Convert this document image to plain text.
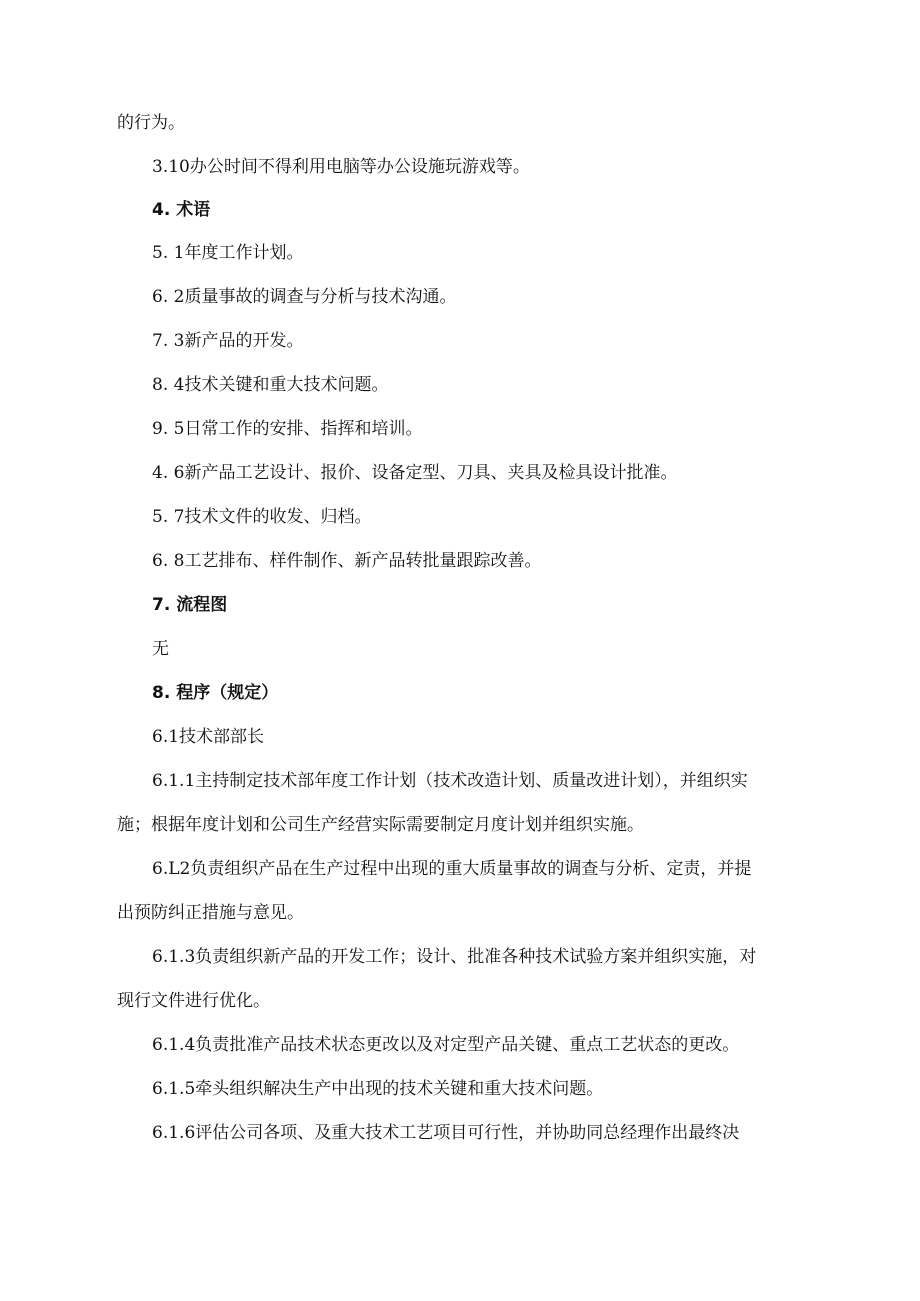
的行为。
3.10办公时间不得利用电脑等办公设施玩游戏等。
4. 术语
5. 1年度工作计划。
6. 2质量事故的调查与分析与技术沟通。
7. 3新产品的开发。
8. 4技术关键和重大技术问题。
9. 5日常工作的安排、指挥和培训。
4. 6新产品工艺设计、报价、设备定型、刀具、夹具及检具设计批准。
5. 7技术文件的收发、归档。
6. 8工艺排布、样件制作、新产品转批量跟踪改善。
7. 流程图
无
8. 程序（规定）
6.1技术部部长
6.1.1主持制定技术部年度工作计划（技术改造计划、质量改进计划），并组织实
施；根据年度计划和公司生产经营实际需要制定月度计划并组织实施。
6.L2负责组织产品在生产过程中出现的重大质量事故的调查与分析、定责，并提
出预防纠正措施与意见。
6.1.3负责组织新产品的开发工作；设计、批准各种技术试验方案并组织实施，对
现行文件进行优化。
6.1.4负责批准产品技术状态更改以及对定型产品关键、重点工艺状态的更改。
6.1.5牵头组织解决生产中出现的技术关键和重大技术问题。
6.1.6评估公司各项、及重大技术工艺项目可行性，并协助同总经理作出最终决
